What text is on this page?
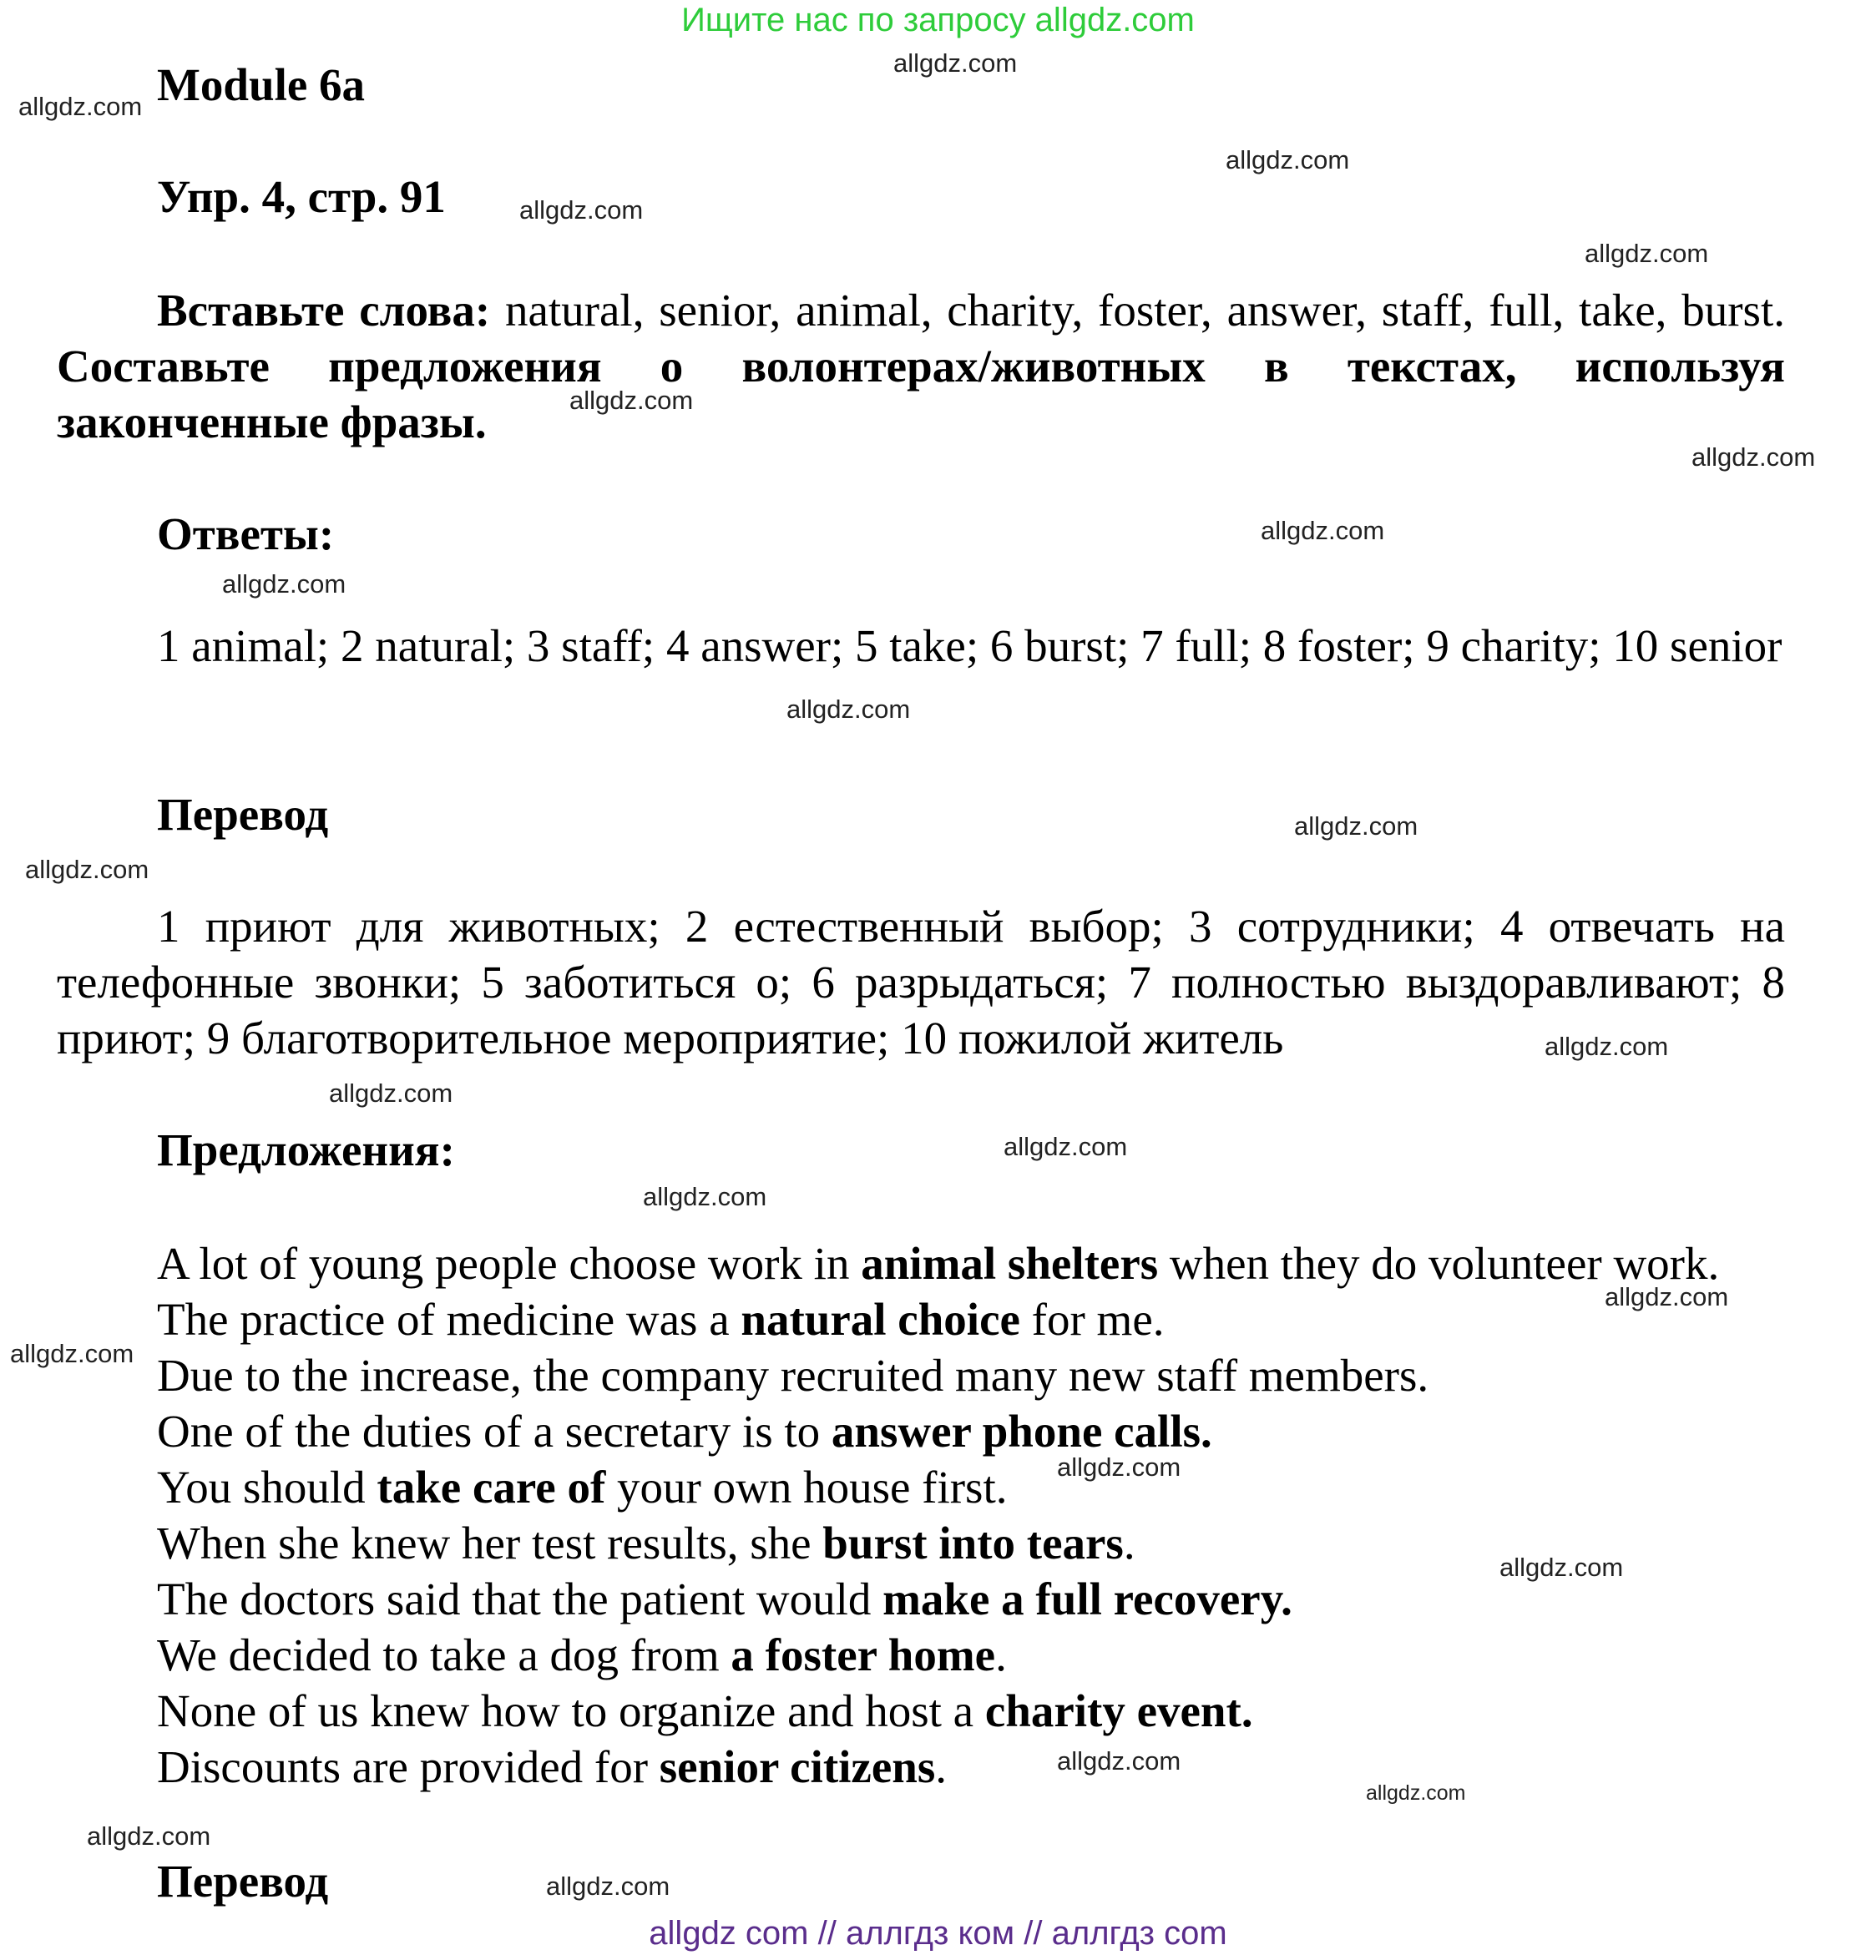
Ищите нас по запросу allgdz.com
allgdz.com
allgdz.com
allgdz.com
allgdz.com
allgdz.com
allgdz.com
allgdz.com
allgdz.com
allgdz.com
allgdz.com
allgdz.com
allgdz.com
allgdz.com
allgdz.com
allgdz.com
allgdz.com
allgdz.com
allgdz.com
allgdz.com
allgdz.com
allgdz.com
allgdz.com
allgdz.com
allgdz.com
Module 6a
Упр. 4, стр. 91
Вставьте слова: natural, senior, animal, charity, foster, answer, staff, full, take, burst. Составьте предложения о волонтерах/животных в текстах, используя законченные фразы.
Ответы:
1 animal; 2 natural; 3 staff; 4 answer; 5 take; 6 burst; 7 full; 8 foster; 9 charity; 10 senior
Перевод
1 приют для животных; 2 естественный выбор; 3 сотрудники; 4 отвечать на телефонные звонки; 5 заботиться о; 6 разрыдаться; 7 полностью выздоравливают; 8 приют; 9 благотворительное мероприятие; 10 пожилой житель
Предложения:
A lot of young people choose work in animal shelters when they do volunteer work.
The practice of medicine was a natural choice for me.
Due to the increase, the company recruited many new staff members.
One of the duties of a secretary is to answer phone calls.
You should take care of your own house first.
When she knew her test results, she burst into tears.
The doctors said that the patient would make a full recovery.
We decided to take a dog from a foster home.
None of us knew how to organize and host a charity event.
Discounts are provided for senior citizens.
Перевод
allgdz com // аллгдз ком // аллгдз com
